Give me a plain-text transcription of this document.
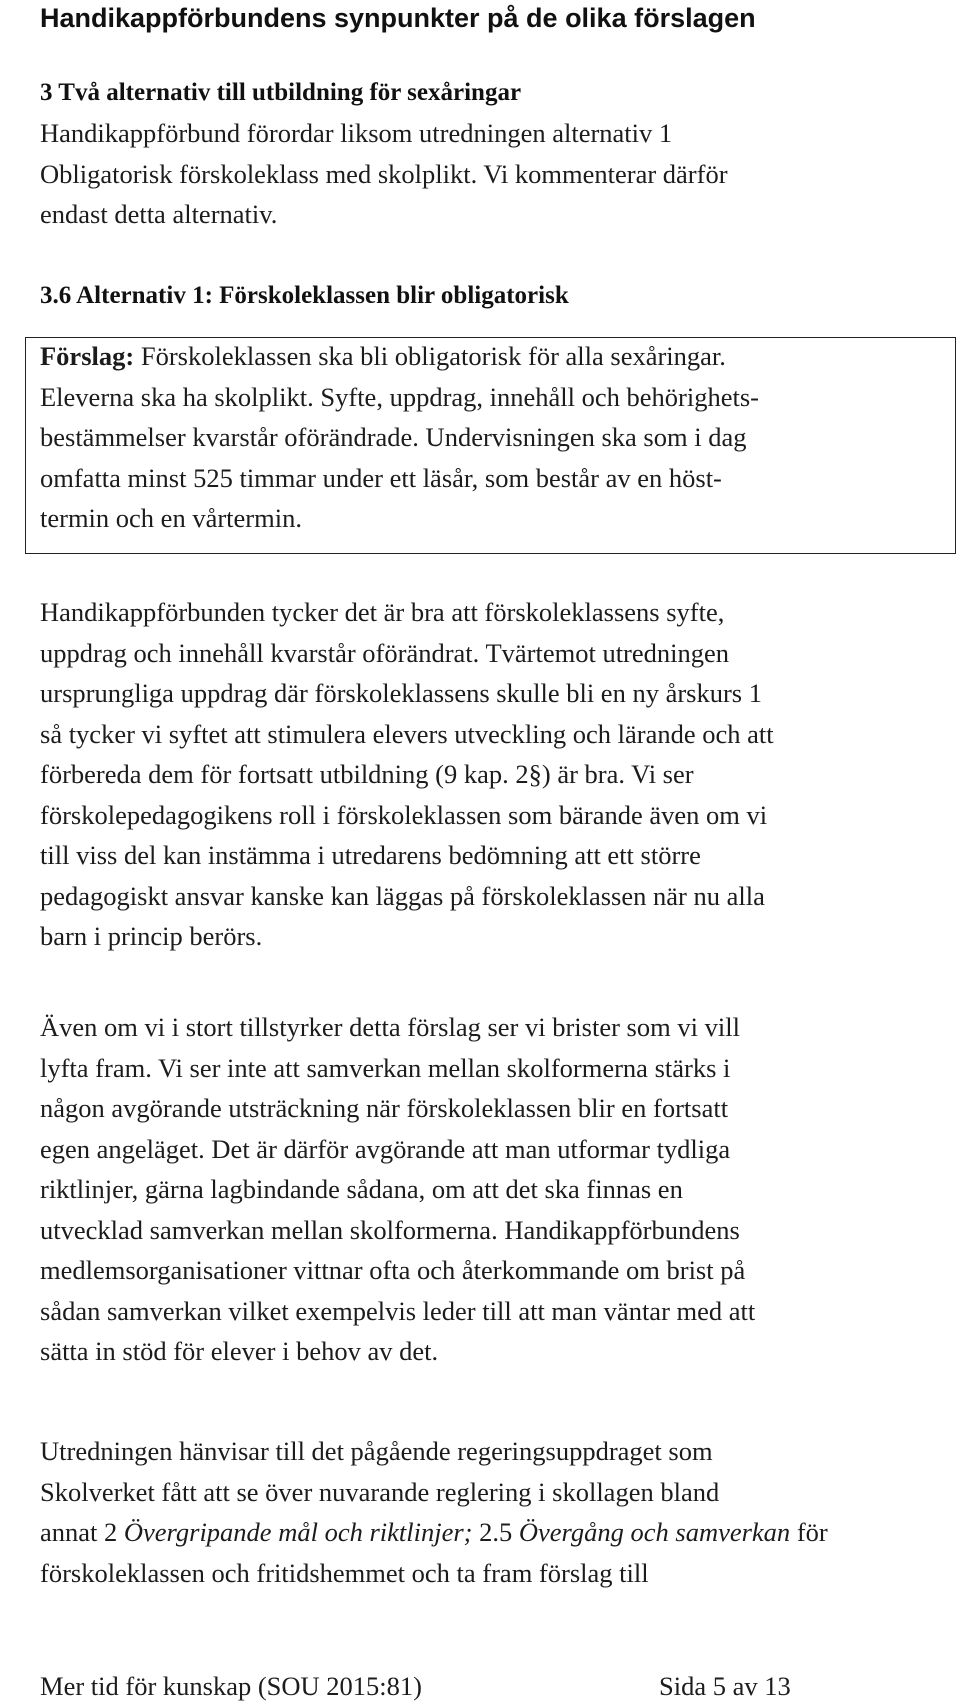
Handikappförbundens synpunkter på de olika förslagen
3 Två alternativ till utbildning för sexåringar

Handikappförbund förordar liksom utredningen alternativ 1
Obligatorisk förskoleklass med skolplikt. Vi kommenterar därför
endast detta alternativ.

3.6 Alternativ 1: Förskoleklassen blir obligatorisk
Förslag: Förskoleklassen ska bli obligatorisk för alla sexåringar.
Eleverna ska ha skolplikt. Syfte, uppdrag, innehåll och behörighets-
bestämmelser kvarstår oförändrade. Undervisningen ska som i dag
omfatta minst 525 timmar under ett läsår, som består av en höst-
termin och en vårtermin.

Handikappförbunden tycker det är bra att förskoleklassens syfte,
uppdrag och innehåll kvarstår oförändrat. Tvärtemot utredningen
ursprungliga uppdrag där förskoleklassens skulle bli en ny årskurs 1
så tycker vi syftet att stimulera elevers utveckling och lärande och att
förbereda dem för fortsatt utbildning (9 kap. 2§) är bra. Vi ser
förskolepedagogikens roll i förskoleklassen som bärande även om vi
till viss del kan instämma i utredarens bedömning att ett större
pedagogiskt ansvar kanske kan läggas på förskoleklassen när nu alla
barn i princip berörs.

Även om vi i stort tillstyrker detta förslag ser vi brister som vi vill
lyfta fram. Vi ser inte att samverkan mellan skolformerna stärks i
någon avgörande utsträckning när förskoleklassen blir en fortsatt
egen angeläget. Det är därför avgörande att man utformar tydliga
riktlinjer, gärna lagbindande sådana, om att det ska finnas en
utvecklad samverkan mellan skolformerna. Handikappförbundens
medlemsorganisationer vittnar ofta och återkommande om brist på
sådan samverkan vilket exempelvis leder till att man väntar med att
sätta in stöd för elever i behov av det.

Utredningen hänvisar till det pågående regeringsuppdraget som
Skolverket fått att se över nuvarande reglering i skollagen bland
annat 2 Övergripande mål och riktlinjer; 2.5 Övergång och samverkan för
förskoleklassen och fritidshemmet och ta fram förslag till

Mer tid för kunskap (SOU 2015:81)	Sida 5 av 13
